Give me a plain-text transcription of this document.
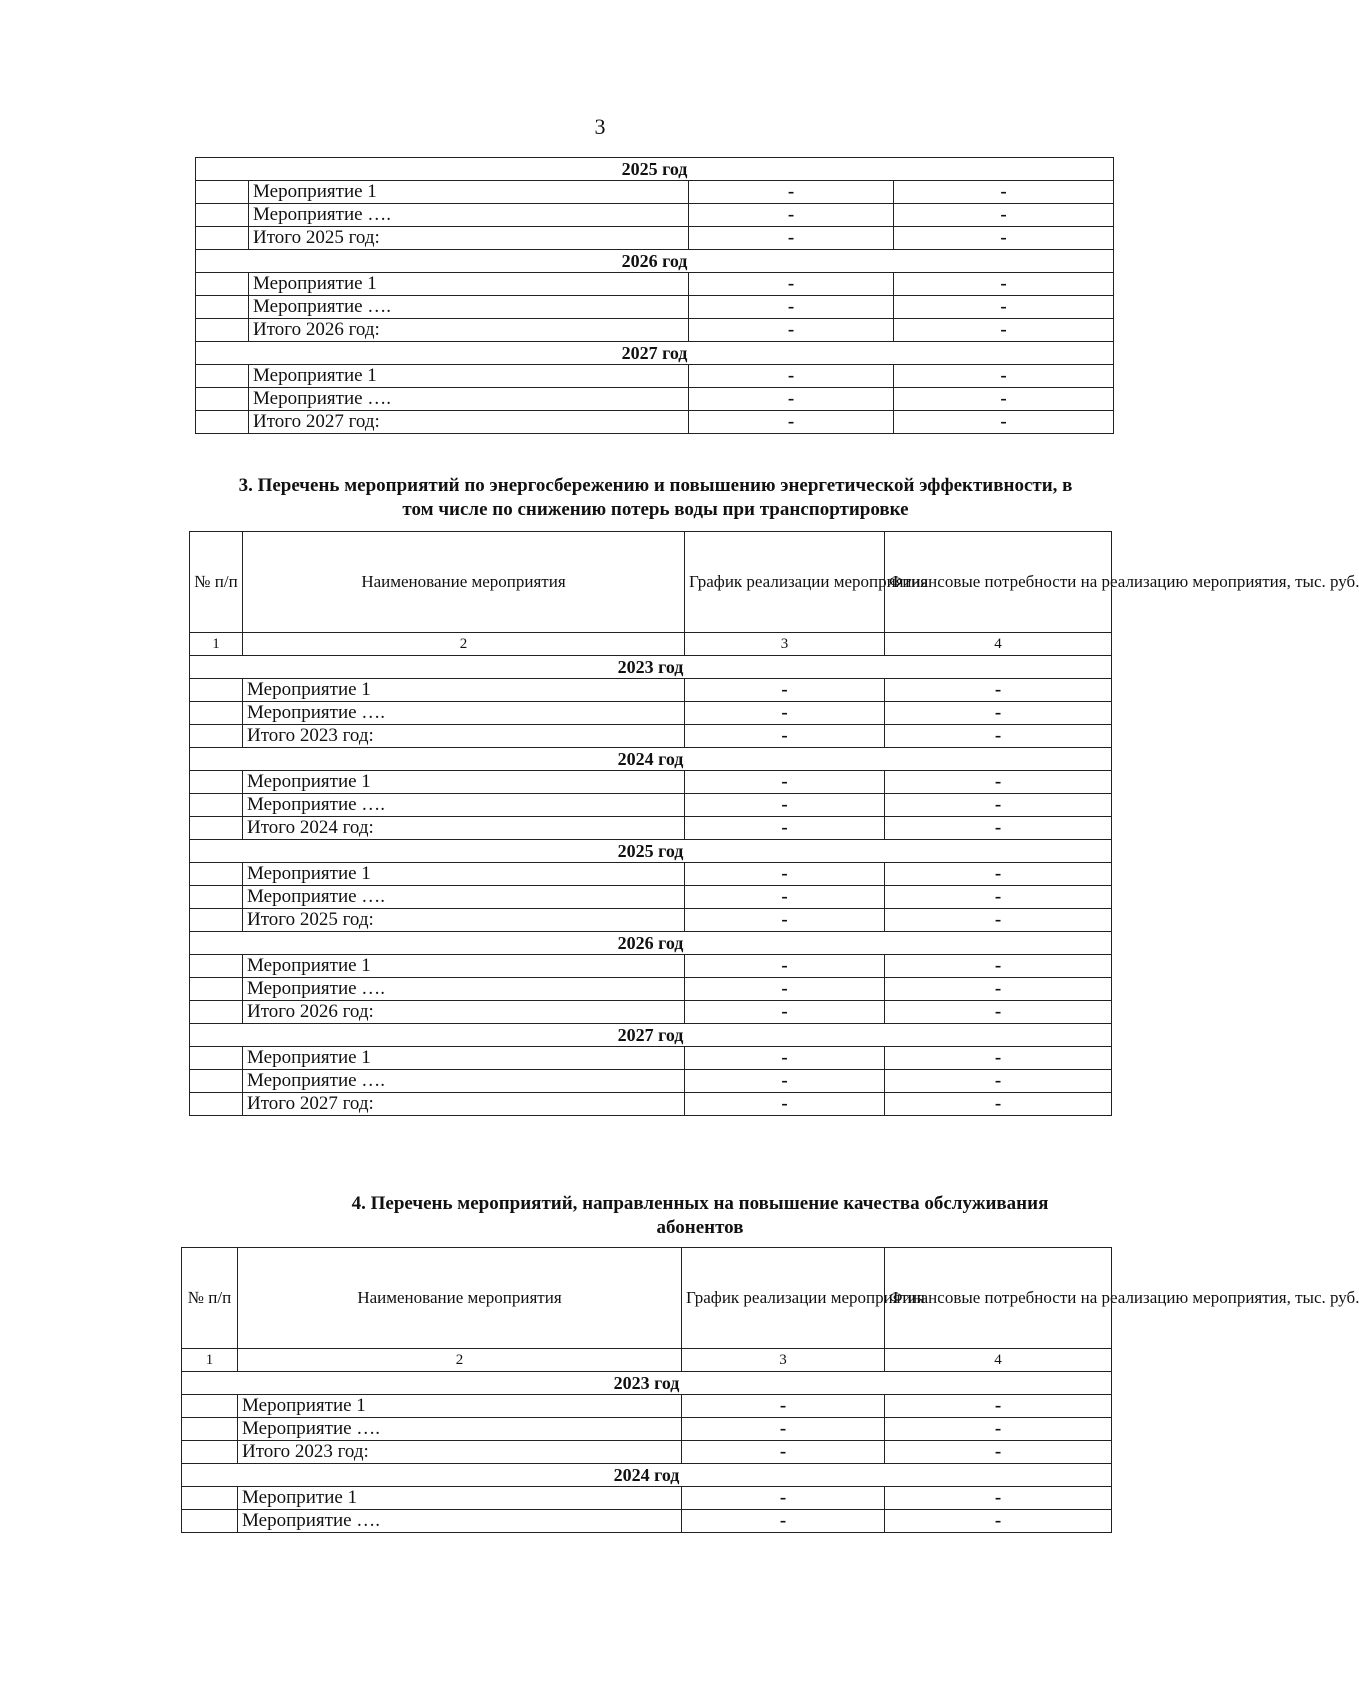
3
2025 год			
	Мероприятие 1	-	-
	Мероприятие ….	-	-
	Итого 2025 год:	-	-
2026 год			
	Мероприятие 1	-	-
	Мероприятие ….	-	-
	Итого 2026 год:	-	-
2027 год			
	Мероприятие 1	-	-
	Мероприятие ….	-	-
	Итого 2027 год:	-	-
3. Перечень мероприятий по энергосбережению и повышению энергетической эффективности, в
том числе по снижению потерь воды при транспортировке
№ п/п	Наименование мероприятия	График реализации мероприятия	Финансовые потребности на реализацию мероприятия, тыс. руб.
1	2	3	4
2023 год			
	Мероприятие 1	-	-
	Мероприятие ….	-	-
	Итого 2023 год:	-	-
2024 год			
	Мероприятие 1	-	-
	Мероприятие ….	-	-
	Итого 2024 год:	-	-
2025 год			
	Мероприятие 1	-	-
	Мероприятие ….	-	-
	Итого 2025 год:	-	-
2026 год			
	Мероприятие 1	-	-
	Мероприятие ….	-	-
	Итого 2026 год:	-	-
2027 год			
	Мероприятие 1	-	-
	Мероприятие ….	-	-
	Итого 2027 год:	-	-
4. Перечень мероприятий, направленных на повышение качества обслуживания
абонентов
№ п/п	Наименование мероприятия	График реализации мероприятия	Финансовые потребности на реализацию мероприятия, тыс. руб.
1	2	3	4
2023 год			
	Мероприятие 1	-	-
	Мероприятие ….	-	-
	Итого 2023 год:	-	-
2024 год			
	Меропритие 1	-	-
	Мероприятие ….	-	-
